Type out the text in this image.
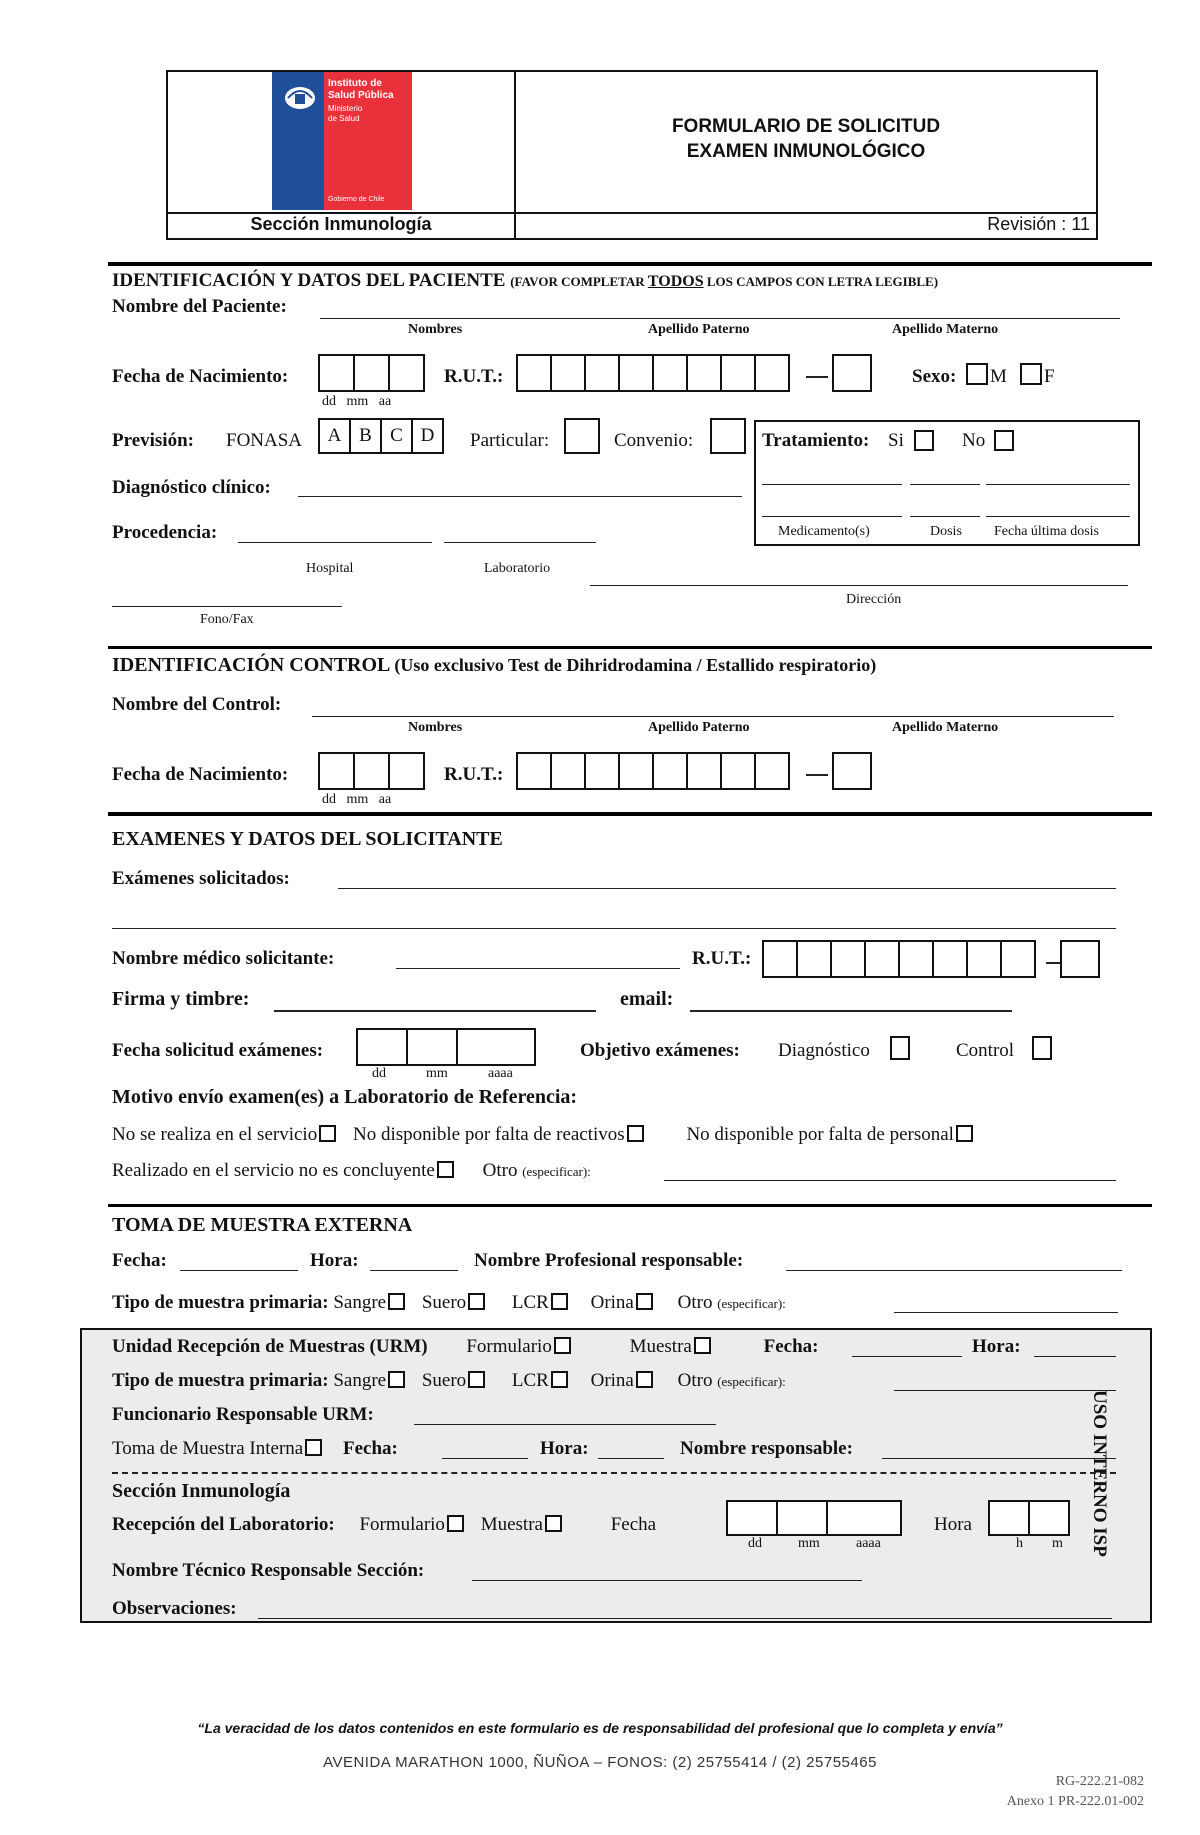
Instituto de
Salud Pública
Ministerio
de Salud
Gobierno de Chile
FORMULARIO DE SOLICITUD
EXAMEN INMUNOLÓGICO
Sección Inmunología	Revisión : 11
IDENTIFICACIÓN Y DATOS DEL PACIENTE (FAVOR COMPLETAR TODOS LOS CAMPOS CON LETRA LEGIBLE)
Nombre del Paciente:
Nombres	Apellido Paterno	Apellido Materno
Fecha de Nacimiento:
dd   mm   aa
R.U.T.:	Sexo: M F
Previsión: FONASA	A B C D	Particular:	Convenio:	Tratamiento: Si	No
Medicamento(s)	Dosis Fecha última dosis
Diagnóstico clínico:
Procedencia:
Hospital	Laboratorio
Dirección
Fono/Fax
IDENTIFICACIÓN CONTROL (Uso exclusivo Test de Dihridrodamina / Estallido respiratorio)
Nombre del Control:
Nombres	Apellido Paterno	Apellido Materno
Fecha de Nacimiento:
dd   mm   aa
R.U.T.:
EXAMENES Y DATOS DEL SOLICITANTE
Exámenes solicitados:
Nombre médico solicitante:	R.U.T.:
Firma y timbre:	email:
Fecha solicitud exámenes:
dd	mm	aaaa
Objetivo exámenes: Diagnóstico	Control
Motivo envío examen(es) a Laboratorio de Referencia:
No se realiza en el servicio No disponible por falta de reactivos	No disponible por falta de personal
Realizado en el servicio no es concluyente	Otro (especificar):
TOMA DE MUESTRA EXTERNA
Fecha:	Hora:	Nombre Profesional responsable:
Tipo de muestra primaria: Sangre Suero LCR Orina Otro (especificar):
USO INTERNO ISP
Unidad Recepción de Muestras (URM) Formulario	Muestra	Fecha:	Hora:
Tipo de muestra primaria: Sangre Suero LCR Orina Otro (especificar):
Funcionario Responsable URM:
Toma de Muestra Interna Fecha:	Hora:	Nombre responsable:
Sección Inmunología
Recepción del Laboratorio: Formulario Muestra	Fecha
dd	mm	aaaa
Hora
h m
Nombre Técnico Responsable Sección:
Observaciones:
“La veracidad de los datos contenidos en este formulario es de responsabilidad del profesional que lo completa y envía”
AVENIDA MARATHON 1000, ÑUÑOA – FONOS: (2) 25755414 / (2) 25755465
RG-222.21-082
Anexo 1 PR-222.01-002
